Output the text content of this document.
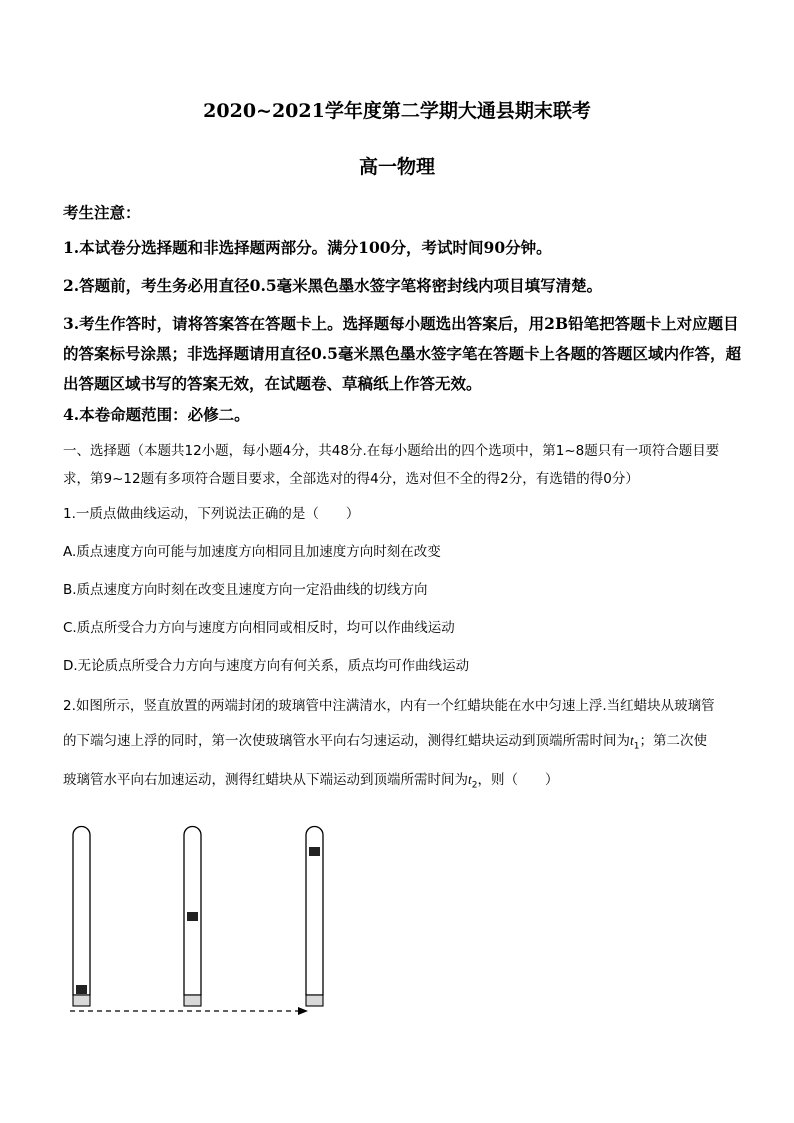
2020~2021学年度第二学期大通县期末联考
高一物理
考生注意：
1.本试卷分选择题和非选择题两部分。满分100分，考试时间90分钟。
2.答题前，考生务必用直径0.5毫米黑色墨水签字笔将密封线内项目填写清楚。
3.考生作答时，请将答案答在答题卡上。选择题每小题选出答案后，用2B铅笔把答题卡上对应题目的答案标号涂黑；非选择题请用直径0.5毫米黑色墨水签字笔在答题卡上各题的答题区域内作答，超出答题区域书写的答案无效，在试题卷、草稿纸上作答无效。
4.本卷命题范围：必修二。
一、选择题（本题共12小题，每小题4分，共48分.在每小题给出的四个选项中，第1~8题只有一项符合题目要求，第9~12题有多项符合题目要求，全部选对的得4分，选对但不全的得2分，有选错的得0分）
1.一质点做曲线运动，下列说法正确的是（　　）
A.质点速度方向可能与加速度方向相同且加速度方向时刻在改变
B.质点速度方向时刻在改变且速度方向一定沿曲线的切线方向
C.质点所受合力方向与速度方向相同或相反时，均可以作曲线运动
D.无论质点所受合力方向与速度方向有何关系，质点均可作曲线运动
2.如图所示，竖直放置的两端封闭的玻璃管中注满清水，内有一个红蜡块能在水中匀速上浮.当红蜡块从玻璃管
的下端匀速上浮的同时，第一次使玻璃管水平向右匀速运动，测得红蜡块运动到顶端所需时间为$t_1$；第二次使
玻璃管水平向右加速运动，测得红蜡块从下端运动到顶端所需时间为$t_2$，则（　　）
